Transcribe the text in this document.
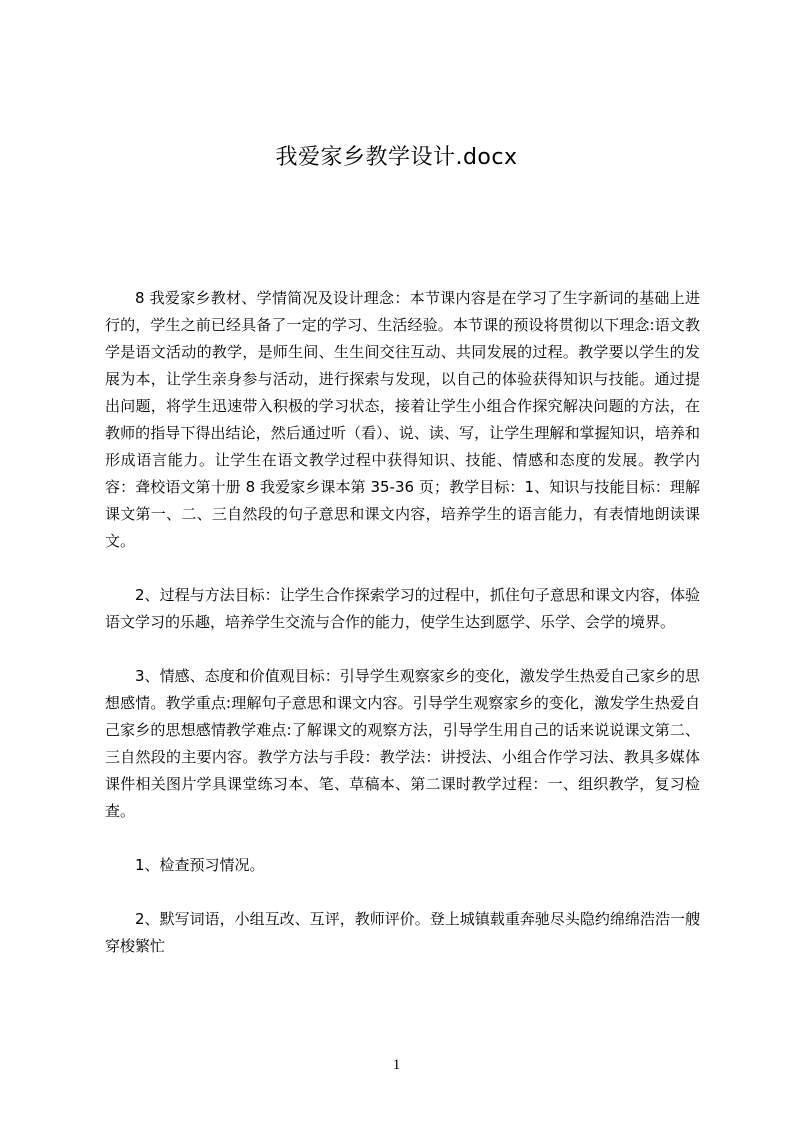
我爱家乡教学设计.docx

8 我爱家乡教材、学情简况及设计理念：本节课内容是在学习了生字新词的基础上进行的，学生之前已经具备了一定的学习、生活经验。本节课的预设将贯彻以下理念:语文教学是语文活动的教学，是师生间、生生间交往互动、共同发展的过程。教学要以学生的发展为本，让学生亲身参与活动，进行探索与发现，以自己的体验获得知识与技能。通过提出问题，将学生迅速带入积极的学习状态，接着让学生小组合作探究解决问题的方法，在教师的指导下得出结论，然后通过听（看）、说、读、写，让学生理解和掌握知识，培养和形成语言能力。让学生在语文教学过程中获得知识、技能、情感和态度的发展。教学内容：聋校语文第十册 8 我爱家乡课本第 35-36 页；教学目标：1、知识与技能目标：理解课文第一、二、三自然段的句子意思和课文内容，培养学生的语言能力，有表情地朗读课文。

2、过程与方法目标：让学生合作探索学习的过程中，抓住句子意思和课文内容，体验语文学习的乐趣，培养学生交流与合作的能力，使学生达到愿学、乐学、会学的境界。

3、情感、态度和价值观目标：引导学生观察家乡的变化，激发学生热爱自己家乡的思想感情。教学重点:理解句子意思和课文内容。引导学生观察家乡的变化，激发学生热爱自己家乡的思想感情教学难点:了解课文的观察方法，引导学生用自己的话来说说课文第二、三自然段的主要内容。教学方法与手段：教学法：讲授法、小组合作学习法、教具多媒体课件相关图片学具课堂练习本、笔、草稿本、第二课时教学过程：一、组织教学，复习检查。

1、检查预习情况。

2、默写词语，小组互改、互评，教师评价。登上城镇载重奔驰尽头隐约绵绵浩浩一艘穿梭繁忙

1
